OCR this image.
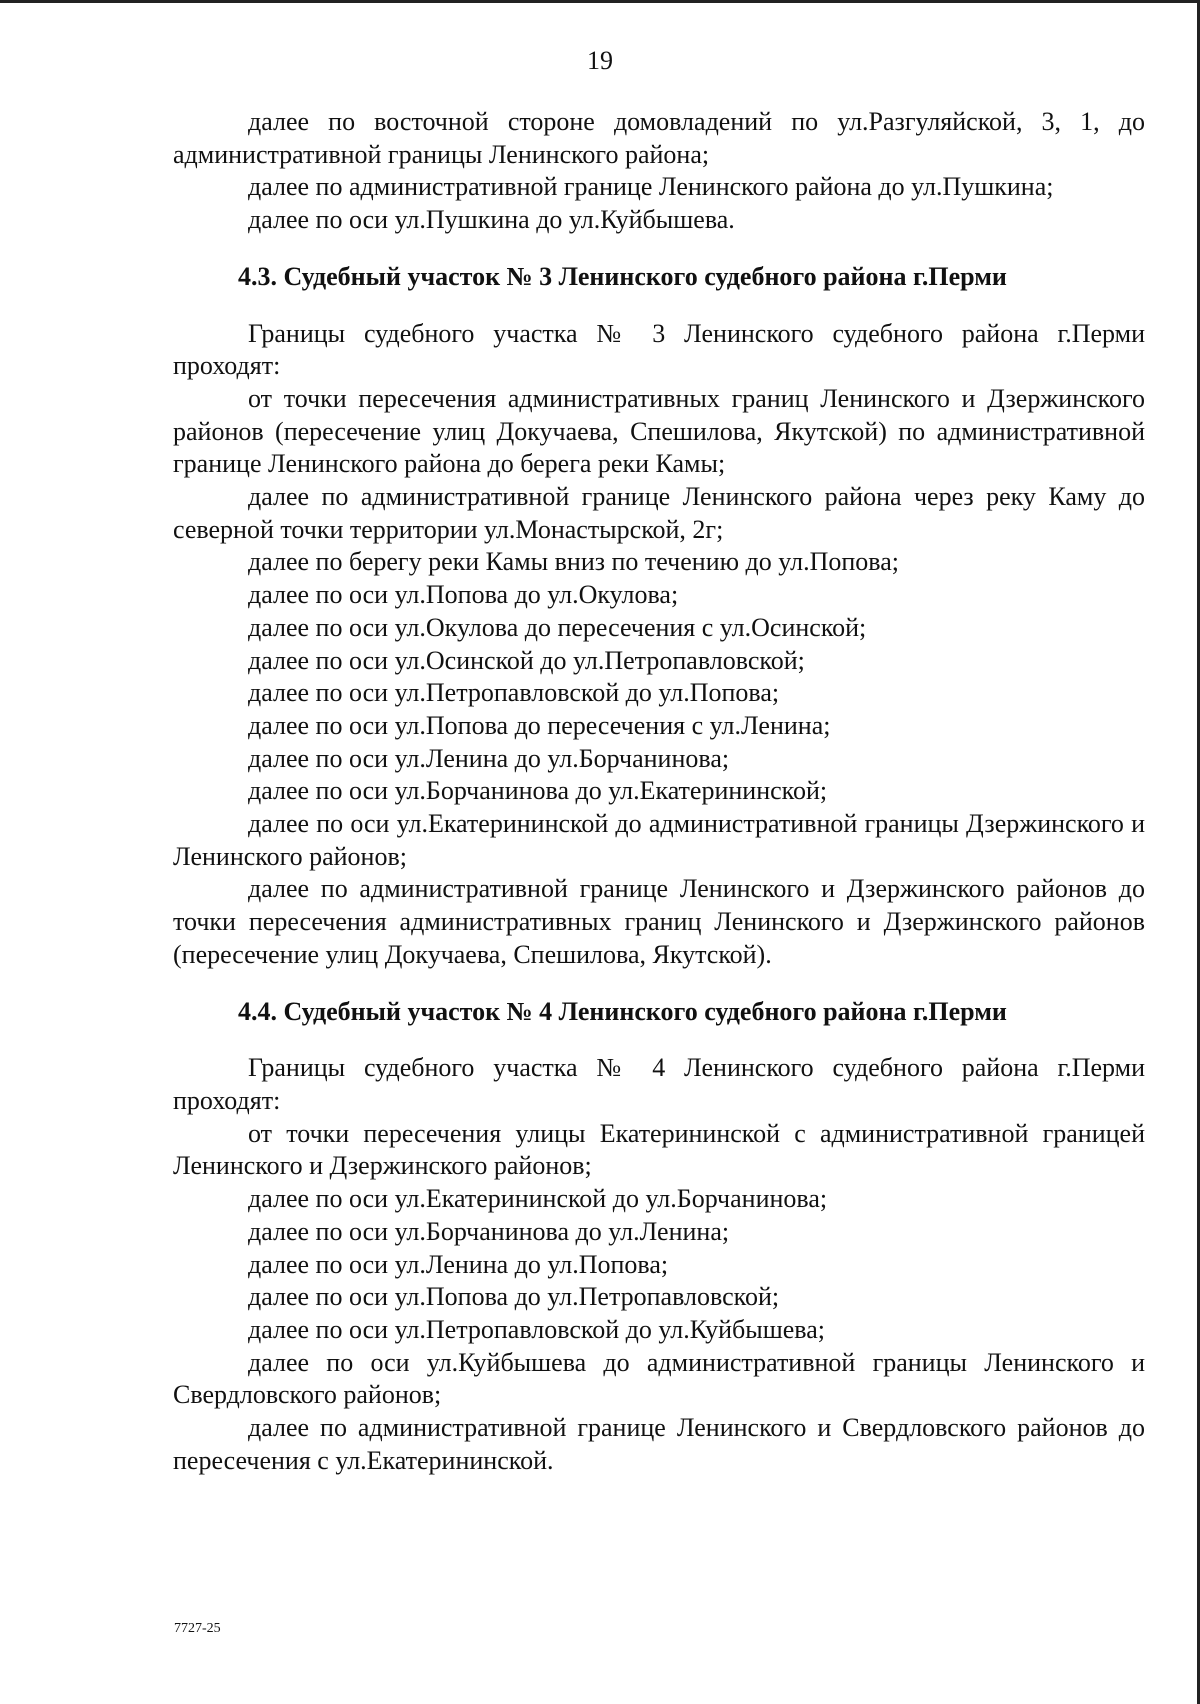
19

далее по восточной стороне домовладений по ул.Разгуляйской, 3, 1, до административной границы Ленинского района;

далее по административной границе Ленинского района до ул.Пушкина;

далее по оси ул.Пушкина до ул.Куйбышева.

4.3. Судебный участок № 3 Ленинского судебного района г.Перми

Границы судебного участка № 3 Ленинского судебного района г.Перми проходят:

от точки пересечения административных границ Ленинского и Дзержинского районов (пересечение улиц Докучаева, Спешилова, Якутской) по административной границе Ленинского района до берега реки Камы;

далее по административной границе Ленинского района через реку Каму до северной точки территории ул.Монастырской, 2г;

далее по берегу реки Камы вниз по течению до ул.Попова;

далее по оси ул.Попова до ул.Окулова;

далее по оси ул.Окулова до пересечения с ул.Осинской;

далее по оси ул.Осинской до ул.Петропавловской;

далее по оси ул.Петропавловской до ул.Попова;

далее по оси ул.Попова до пересечения с ул.Ленина;

далее по оси ул.Ленина до ул.Борчанинова;

далее по оси ул.Борчанинова до ул.Екатерининской;

далее по оси ул.Екатерининской до административной границы Дзержинского и Ленинского районов;

далее по административной границе Ленинского и Дзержинского районов до точки пересечения административных границ Ленинского и Дзержинского районов (пересечение улиц Докучаева, Спешилова, Якутской).

4.4. Судебный участок № 4 Ленинского судебного района г.Перми

Границы судебного участка № 4 Ленинского судебного района г.Перми проходят:

от точки пересечения улицы Екатерининской с административной границей Ленинского и Дзержинского районов;

далее по оси ул.Екатерининской до ул.Борчанинова;

далее по оси ул.Борчанинова до ул.Ленина;

далее по оси ул.Ленина до ул.Попова;

далее по оси ул.Попова до ул.Петропавловской;

далее по оси ул.Петропавловской до ул.Куйбышева;

далее по оси ул.Куйбышева до административной границы Ленинского и Свердловского районов;

далее по административной границе Ленинского и Свердловского районов до пересечения с ул.Екатерининской.

7727-25
